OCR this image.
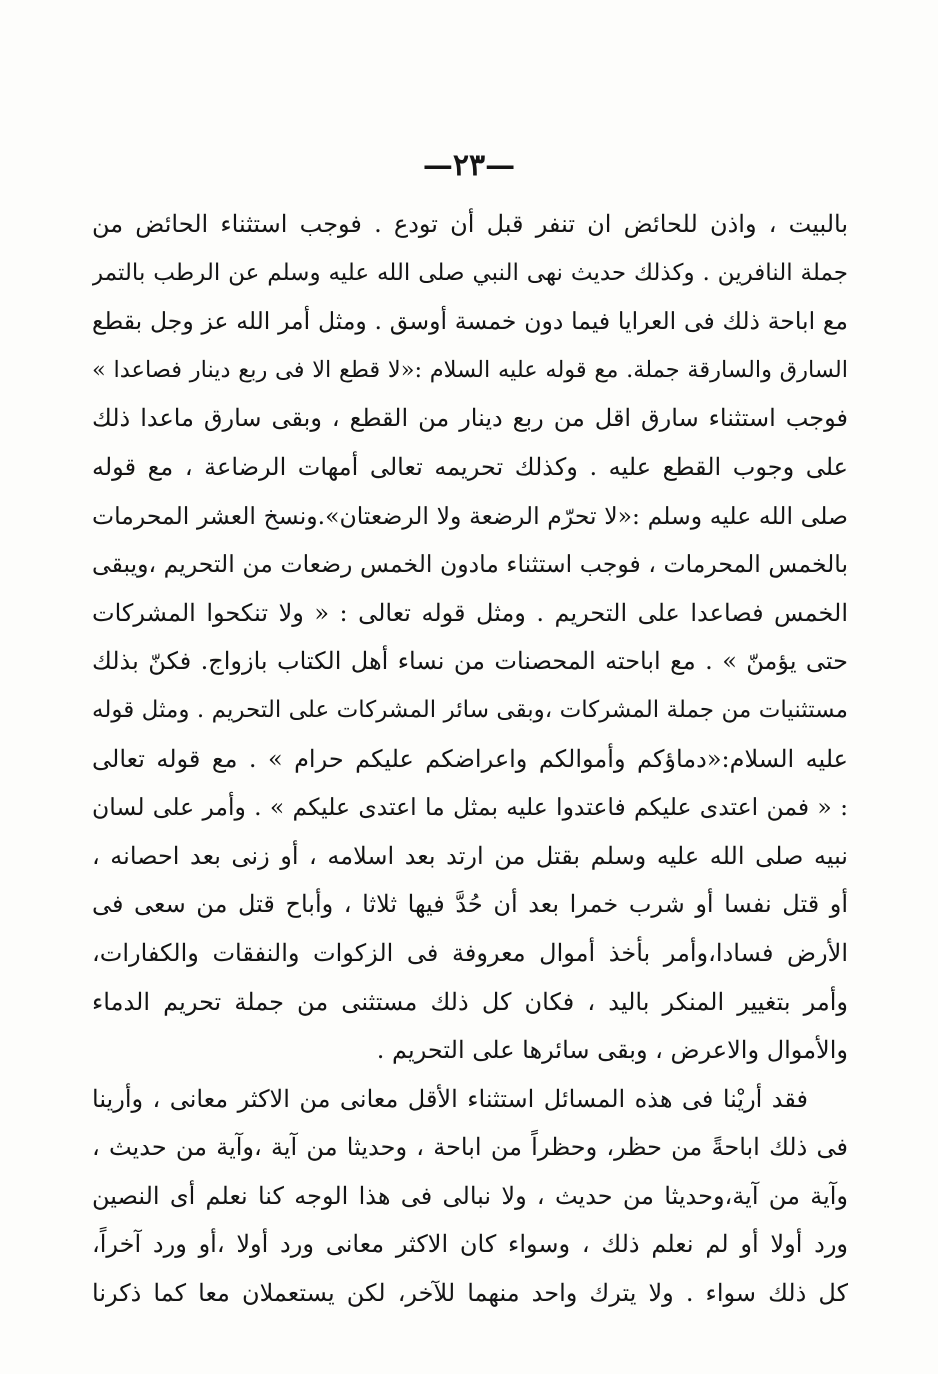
—٢٣—
بالبيت ، واذن للحائض ان تنفر قبل أن تودع . فوجب استثناء الحائض من
جملة النافرين . وكذلك حديث نهى النبي صلى الله عليه وسلم عن الرطب بالتمر
مع اباحة ذلك فى العرايا فيما دون خمسة أوسق . ومثل أمر الله عز وجل بقطع
السارق والسارقة جملة. مع قوله عليه السلام :«لا قطع الا فى ربع دينار فصاعدا »
فوجب استثناء سارق اقل من ربع دينار من القطع ، وبقى سارق ماعدا ذلك
على وجوب القطع عليه . وكذلك تحريمه تعالى أمهات الرضاعة ، مع قوله
صلى الله عليه وسلم :«لا تحرّم الرضعة ولا الرضعتان».ونسخ العشر المحرمات
بالخمس المحرمات ، فوجب استثناء مادون الخمس رضعات من التحريم ،ويبقى
الخمس فصاعدا على التحريم . ومثل قوله تعالى : « ولا تنكحوا المشركات
حتى يؤمنّ » . مع اباحته المحصنات من نساء أهل الكتاب بازواج. فكنّ بذلك
مستثنيات من جملة المشركات ،وبقى سائر المشركات على التحريم . ومثل قوله
عليه السلام:«دماؤكم وأموالكم واعراضكم عليكم حرام » . مع قوله تعالى
: « فمن اعتدى عليكم فاعتدوا عليه بمثل ما اعتدى عليكم » . وأمر على لسان
نبيه صلى الله عليه وسلم بقتل من ارتد بعد اسلامه ، أو زنى بعد احصانه ،
أو قتل نفسا أو شرب خمرا بعد أن حُدَّ فيها ثلاثا ، وأباح قتل من سعى فى
الأرض فسادا،وأمر بأخذ أموال معروفة فى الزكوات والنفقات والكفارات،
وأمر بتغيير المنكر باليد ، فكان كل ذلك مستثنى من جملة تحريم الدماء
والأموال والاعرض ، وبقى سائرها على التحريم .
فقد أريْنا فى هذه المسائل استثناء الأقل معانى من الاكثر معانى ، وأرينا
فى ذلك اباحةً من حظر، وحظراً من اباحة ، وحديثا من آية ،وآية من حديث ،
وآية من آية،وحديثا من حديث ، ولا نبالى فى هذا الوجه كنا نعلم أى النصين
ورد أولا أو لم نعلم ذلك ، وسواء كان الاكثر معانى ورد أولا ،أو ورد آخراً،
كل ذلك سواء . ولا يترك واحد منهما للآخر، لكن يستعملان معا كما ذكرنا
